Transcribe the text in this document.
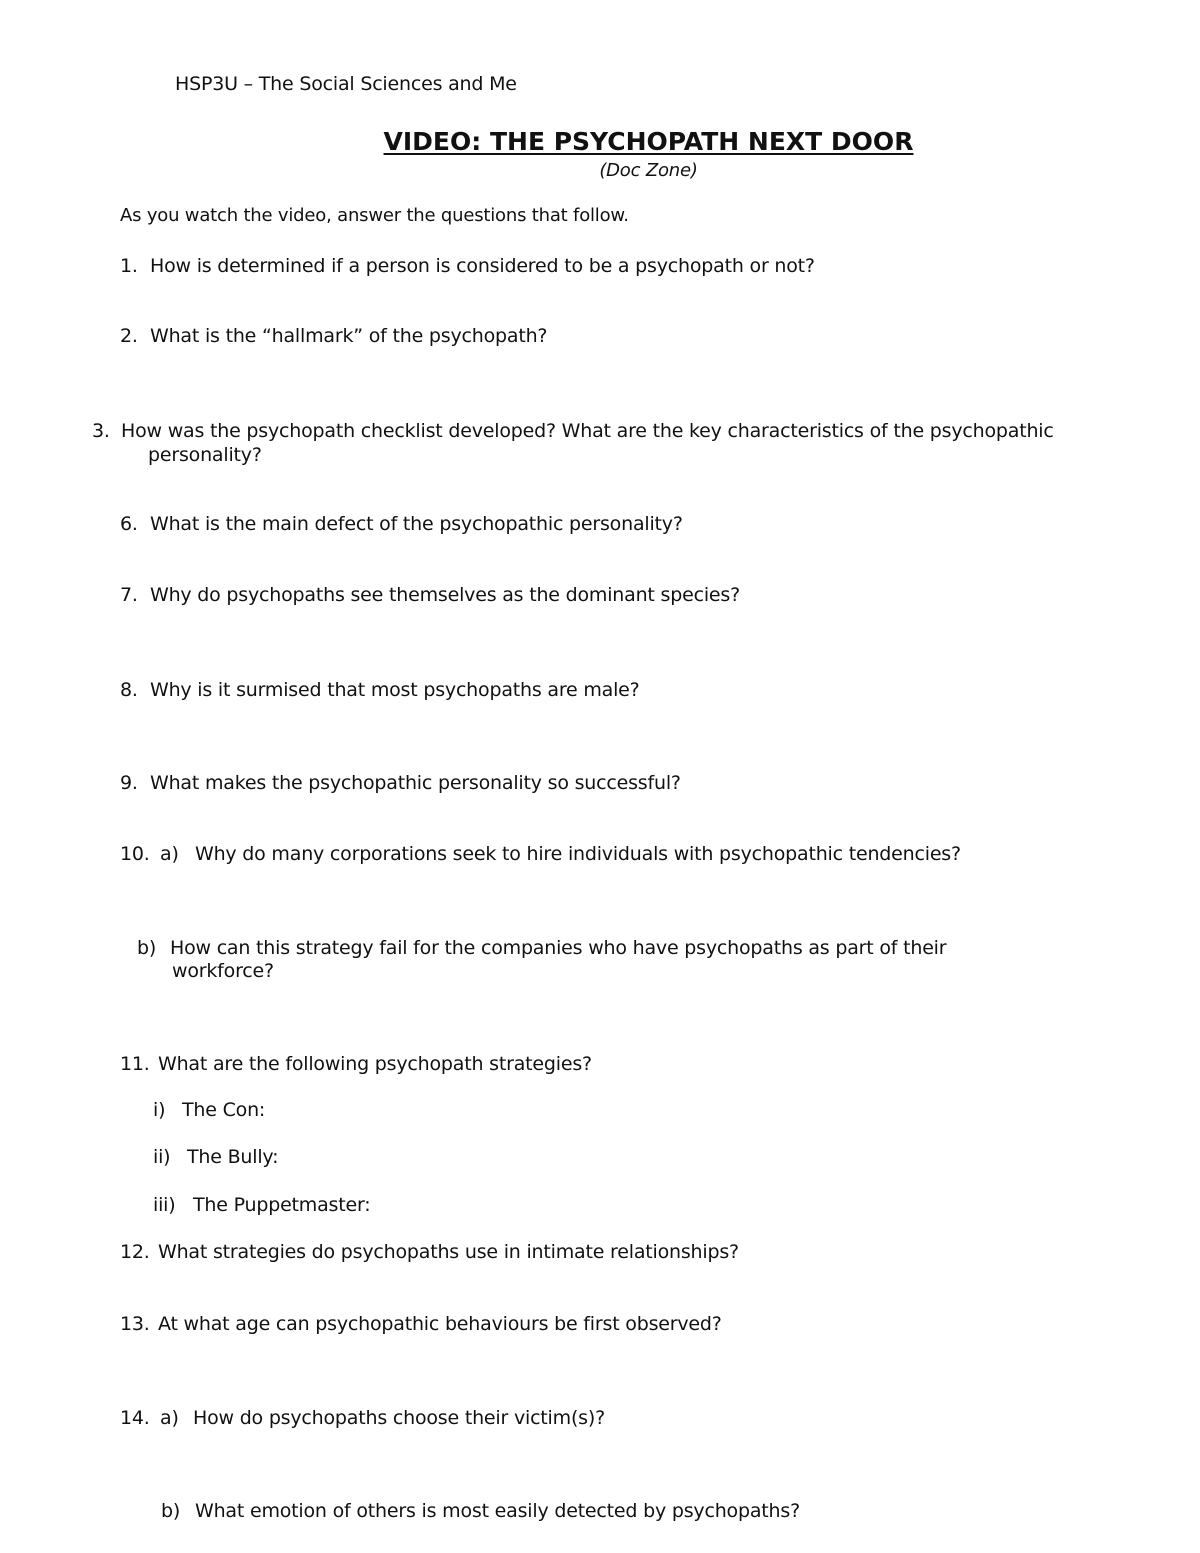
HSP3U – The Social Sciences and Me
VIDEO: THE PSYCHOPATH NEXT DOOR
(Doc Zone)
As you watch the video, answer the questions that follow.
1. How is determined if a person is considered to be a psychopath or not?
2. What is the “hallmark” of the psychopath?
3. How was the psychopath checklist developed? What are the key characteristics of the psychopathic
personality?
6. What is the main defect of the psychopathic personality?
7. Why do psychopaths see themselves as the dominant species?
8. Why is it surmised that most psychopaths are male?
9. What makes the psychopathic personality so successful?
10. a) Why do many corporations seek to hire individuals with psychopathic tendencies?
b) How can this strategy fail for the companies who have psychopaths as part of their
workforce?
11. What are the following psychopath strategies?
i) The Con:
ii) The Bully:
iii) The Puppetmaster:
12. What strategies do psychopaths use in intimate relationships?
13. At what age can psychopathic behaviours be first observed?
14. a) How do psychopaths choose their victim(s)?
b) What emotion of others is most easily detected by psychopaths?
